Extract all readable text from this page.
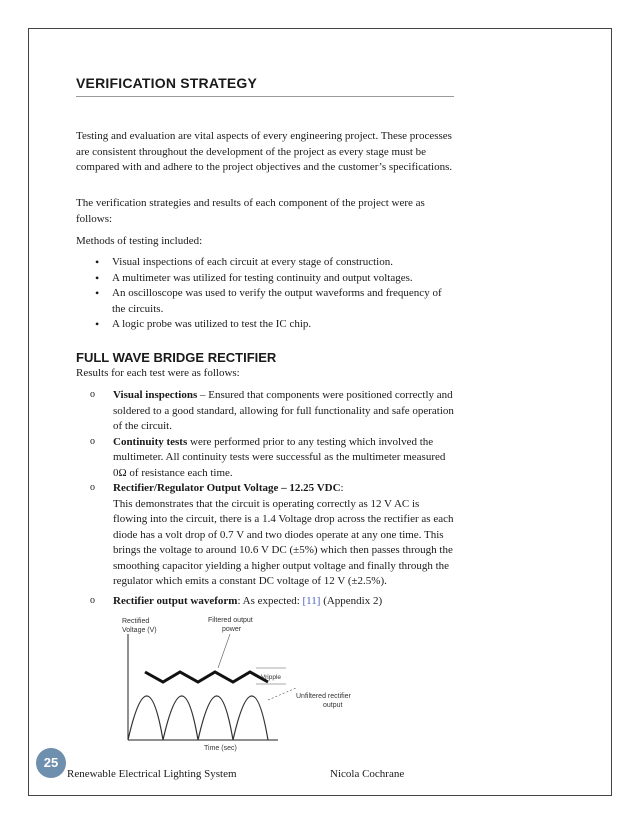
VERIFICATION STRATEGY

Testing and evaluation are vital aspects of every engineering project. These processes are consistent throughout the development of the project as every stage must be compared with and adhere to the project objectives and the customer’s specifications.

The verification strategies and results of each component of the project were as follows:

Methods of testing included:

• Visual inspections of each circuit at every stage of construction.
• A multimeter was utilized for testing continuity and output voltages.
• An oscilloscope was used to verify the output waveforms and frequency of the circuits.
• A logic probe was utilized to test the IC chip.
FULL WAVE BRIDGE RECTIFIER

Results for each test were as follows:

o Visual inspections – Ensured that components were positioned correctly and soldered to a good standard, allowing for full functionality and safe operation of the circuit.
o Continuity tests were performed prior to any testing which involved the multimeter. All continuity tests were successful as the multimeter measured 0Ω of resistance each time.
o Rectifier/Regulator Output Voltage – 12.25 VDC:
This demonstrates that the circuit is operating correctly as 12 V AC is flowing into the circuit, there is a 1.4 Voltage drop across the rectifier as each diode has a volt drop of 0.7 V and two diodes operate at any one time. This brings the voltage to around 10.6 V DC (±5%) which then passes through the smoothing capacitor yielding a higher output voltage and finally through the regulator which emits a constant DC voltage of 12 V (±2.5%).
o Rectifier output waveform: As expected: [11] (Appendix 2)
Rectified
Voltage (V)
Filtered output
power
Vripple
Unfiltered rectifier
output
Time (sec)
25
Renewable Electrical Lighting System	Nicola Cochrane
